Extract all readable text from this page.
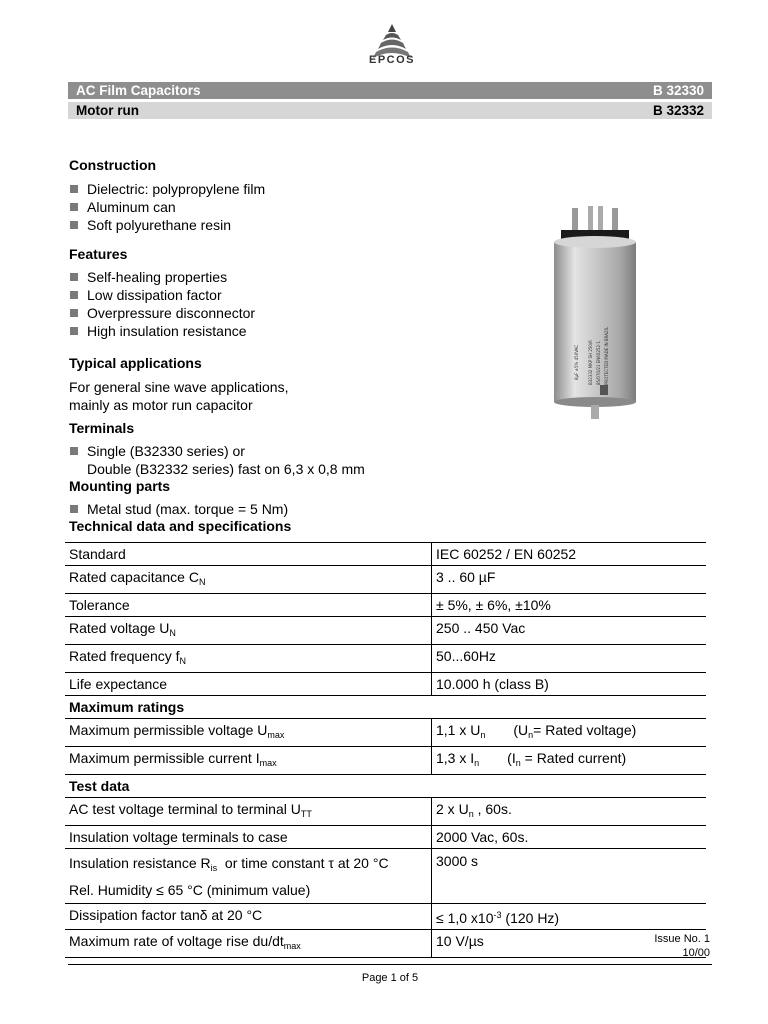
EPCOS
AC Film Capacitors	B 32330
Motor run	B 32332
Construction
Dielectric: polypropylene film
Aluminum can
Soft polyurethane resin
Features
Self-healing properties
Low dissipation factor
Overpressure disconnector
High insulation resistance
Typical applications
For general sine wave applications,
mainly as motor run capacitor
Terminals
Single (B32330 series) or
Double (B32332 series) fast on 6,3 x 0,8 mm
Mounting parts
Metal stud (max. torque = 5 Nm)
Technical data and specifications
B32332 MKP SH 250/6 85/070/21 EN60252-1 PROTECTED MADE IN BRAZIL
8µF ±5% 450VAC
Standard	IEC 60252 / EN 60252
Rated capacitance $C_N$	3 .. 60 µF
Tolerance	± 5%, ± 6%, ±10%
Rated voltage $U_N$	250 .. 450 Vac
Rated frequency $f_N$	50...60Hz
Life expectance	10.000 h (class B)
Maximum ratings	
Maximum permissible voltage $U_{max}$	1,1 x $U_n$ ($U_n=$ Rated voltage)
Maximum permissible current $I_{max}$	1,3 x $I_n$ ($I_n$ = Rated current)
Test data	
AC test voltage terminal to terminal $U_{TT}$	2 x $U_n$ , 60s.
Insulation voltage terminals to case	2000 Vac, 60s.

Insulation resistance $R_{is}$  or time constant τ at 20 °C
Rel. Humidity ≤ 65 °C (minimum value)	3000 s
Dissipation factor tanδ at 20 °C	≤ 1,0 $x10^{-3}$ (120 Hz)
Maximum rate of voltage rise $du/dt_{max}$	10 V/µs	Issue No. 1
10/00
Page 1 of 5
